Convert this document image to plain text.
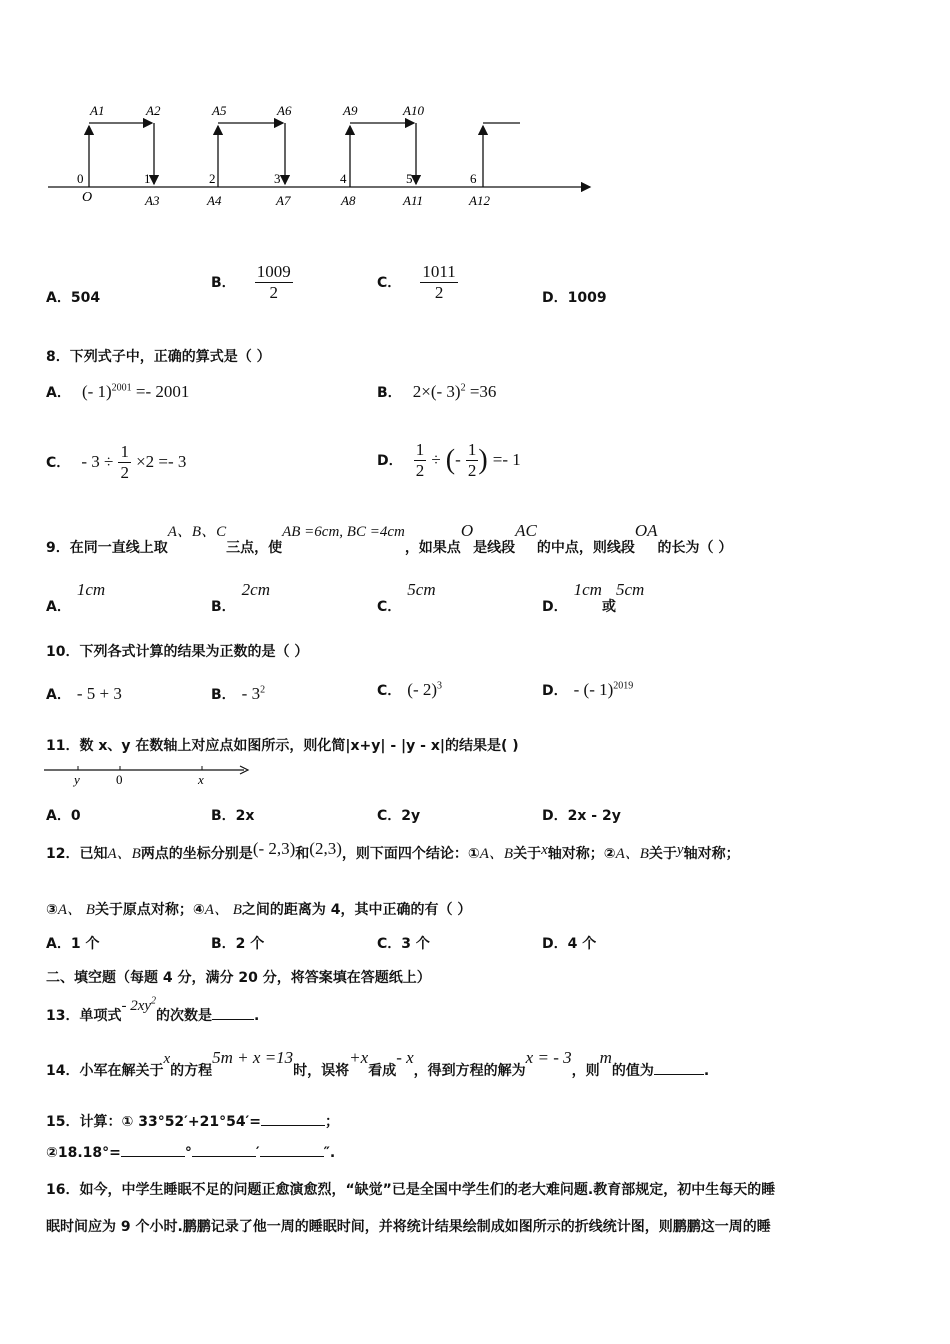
A1	A2	A5	A6	A9	A10
A3	A4	A7	A8	A11	A12
0	1	2	3	4	5	6
O
A．504
B． $\frac{1009}{2}$	C． $\frac{1011}{2}$	D．1009
8．下列式子中，正确的算式是（ ）
A． (- 1)$^{2001}$ =- 2001	B． 2×(- 3)$^2$ =36
C． - $3 \div \frac{1}{2} \times 2 =- 3$	D． $\frac{1}{2}$ ÷ (- $\frac{1}{2}$ ) =- 1
9．在同一直线上取A、B、C三点，使AB =6cm, BC =4cm，如果点O是线段AC的中点，则线段OA的长为（ ）
A．1cm
B．2cm
C．5cm
D．1cm或5cm
10．下列各式计算的结果为正数的是（ ）
A． - 5 + 3	B． - $3^2$	C． (- 2)$^3$	D． - (- 1)$^{2019}$
11．数 x、y 在数轴上对应点如图所示，则化简|x+y| - |y - x|的结果是( )
y	0	x
A．0	B．2x	C．2y	D．2x - 2y
12．已知A、B两点的坐标分别是(- 2,3)和(2,3)，则下面四个结论：①A、B关于x轴对称；②A、B关于y轴对称；
③A、 B关于原点对称；④A、 B之间的距离为 4，其中正确的有（ ）
A．1 个	B．2 个	C．3 个	D．4 个
二、填空题（每题 4 分，满分 20 分，将答案填在答题纸上）
13．单项式- $2xy^2$的次数是	.
14．小军在解关于x的方程5m + x =13时，误将+x看成- x，得到方程的解为x = - 3，则m的值为	.
15．计算：① 33°52′+21°54′=	；
②18.18°=	°	′	″.
16．如今，中学生睡眠不足的问题正愈演愈烈，“缺觉”已是全国中学生们的老大难问题.教育部规定，初中生每天的睡
眠时间应为 9 个小时.鹏鹏记录了他一周的睡眠时间，并将统计结果绘制成如图所示的折线统计图，则鹏鹏这一周的睡
